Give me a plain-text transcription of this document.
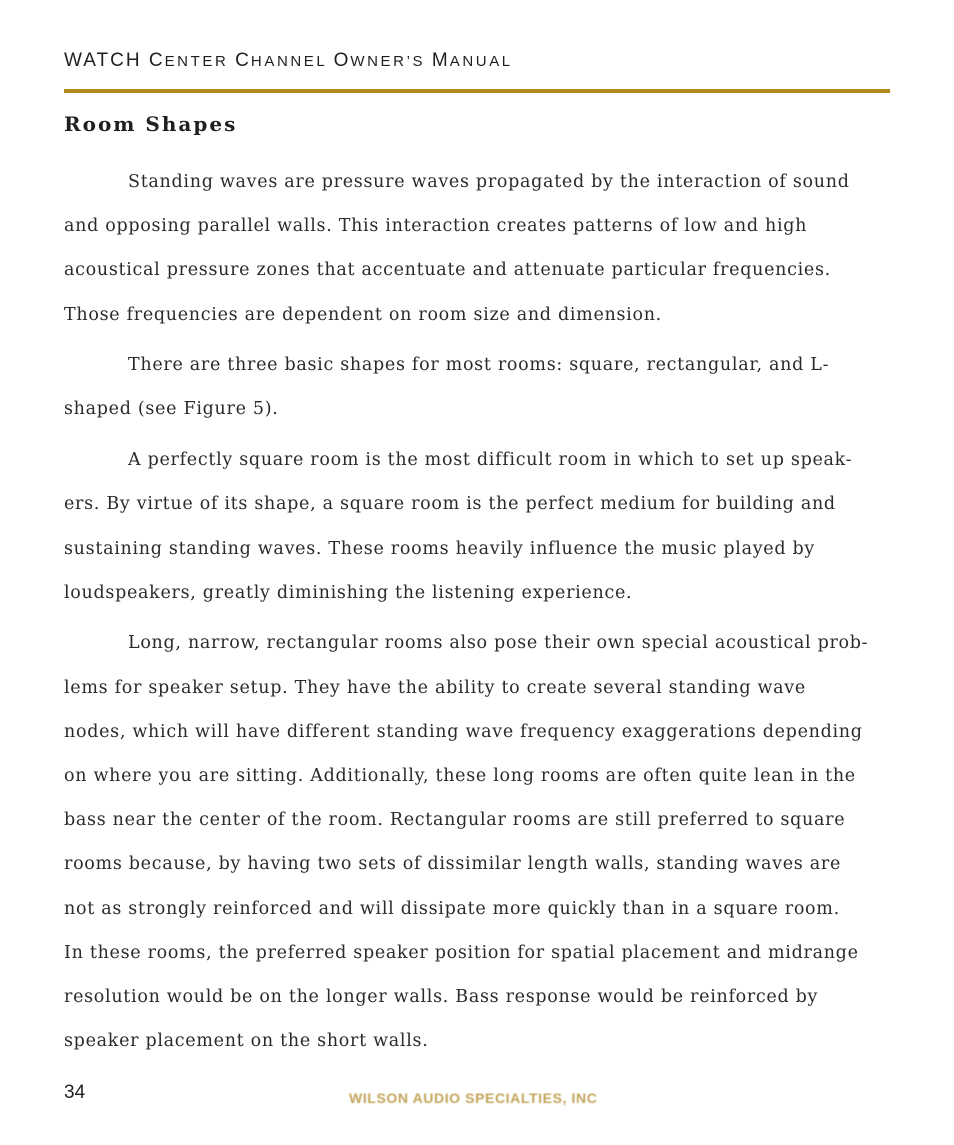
WATCH CENTER CHANNEL OWNER’S MANUAL
Room Shapes
Standing waves are pressure waves propagated by the interaction of sound
and opposing parallel walls. This interaction creates patterns of low and high
acoustical pressure zones that accentuate and attenuate particular frequencies.
Those frequencies are dependent on room size and dimension.
There are three basic shapes for most rooms: square, rectangular, and L-
shaped (see Figure 5).
A perfectly square room is the most difficult room in which to set up speak-
ers. By virtue of its shape, a square room is the perfect medium for building and
sustaining standing waves. These rooms heavily influence the music played by
loudspeakers, greatly diminishing the listening experience.
Long, narrow, rectangular rooms also pose their own special acoustical prob-
lems for speaker setup. They have the ability to create several standing wave
nodes, which will have different standing wave frequency exaggerations depending
on where you are sitting. Additionally, these long rooms are often quite lean in the
bass near the center of the room. Rectangular rooms are still preferred to square
rooms because, by having two sets of dissimilar length walls, standing waves are
not as strongly reinforced and will dissipate more quickly than in a square room.
In these rooms, the preferred speaker position for spatial placement and midrange
resolution would be on the longer walls. Bass response would be reinforced by
speaker placement on the short walls.
34	WILSON AUDIO SPECIALTIES, INC
